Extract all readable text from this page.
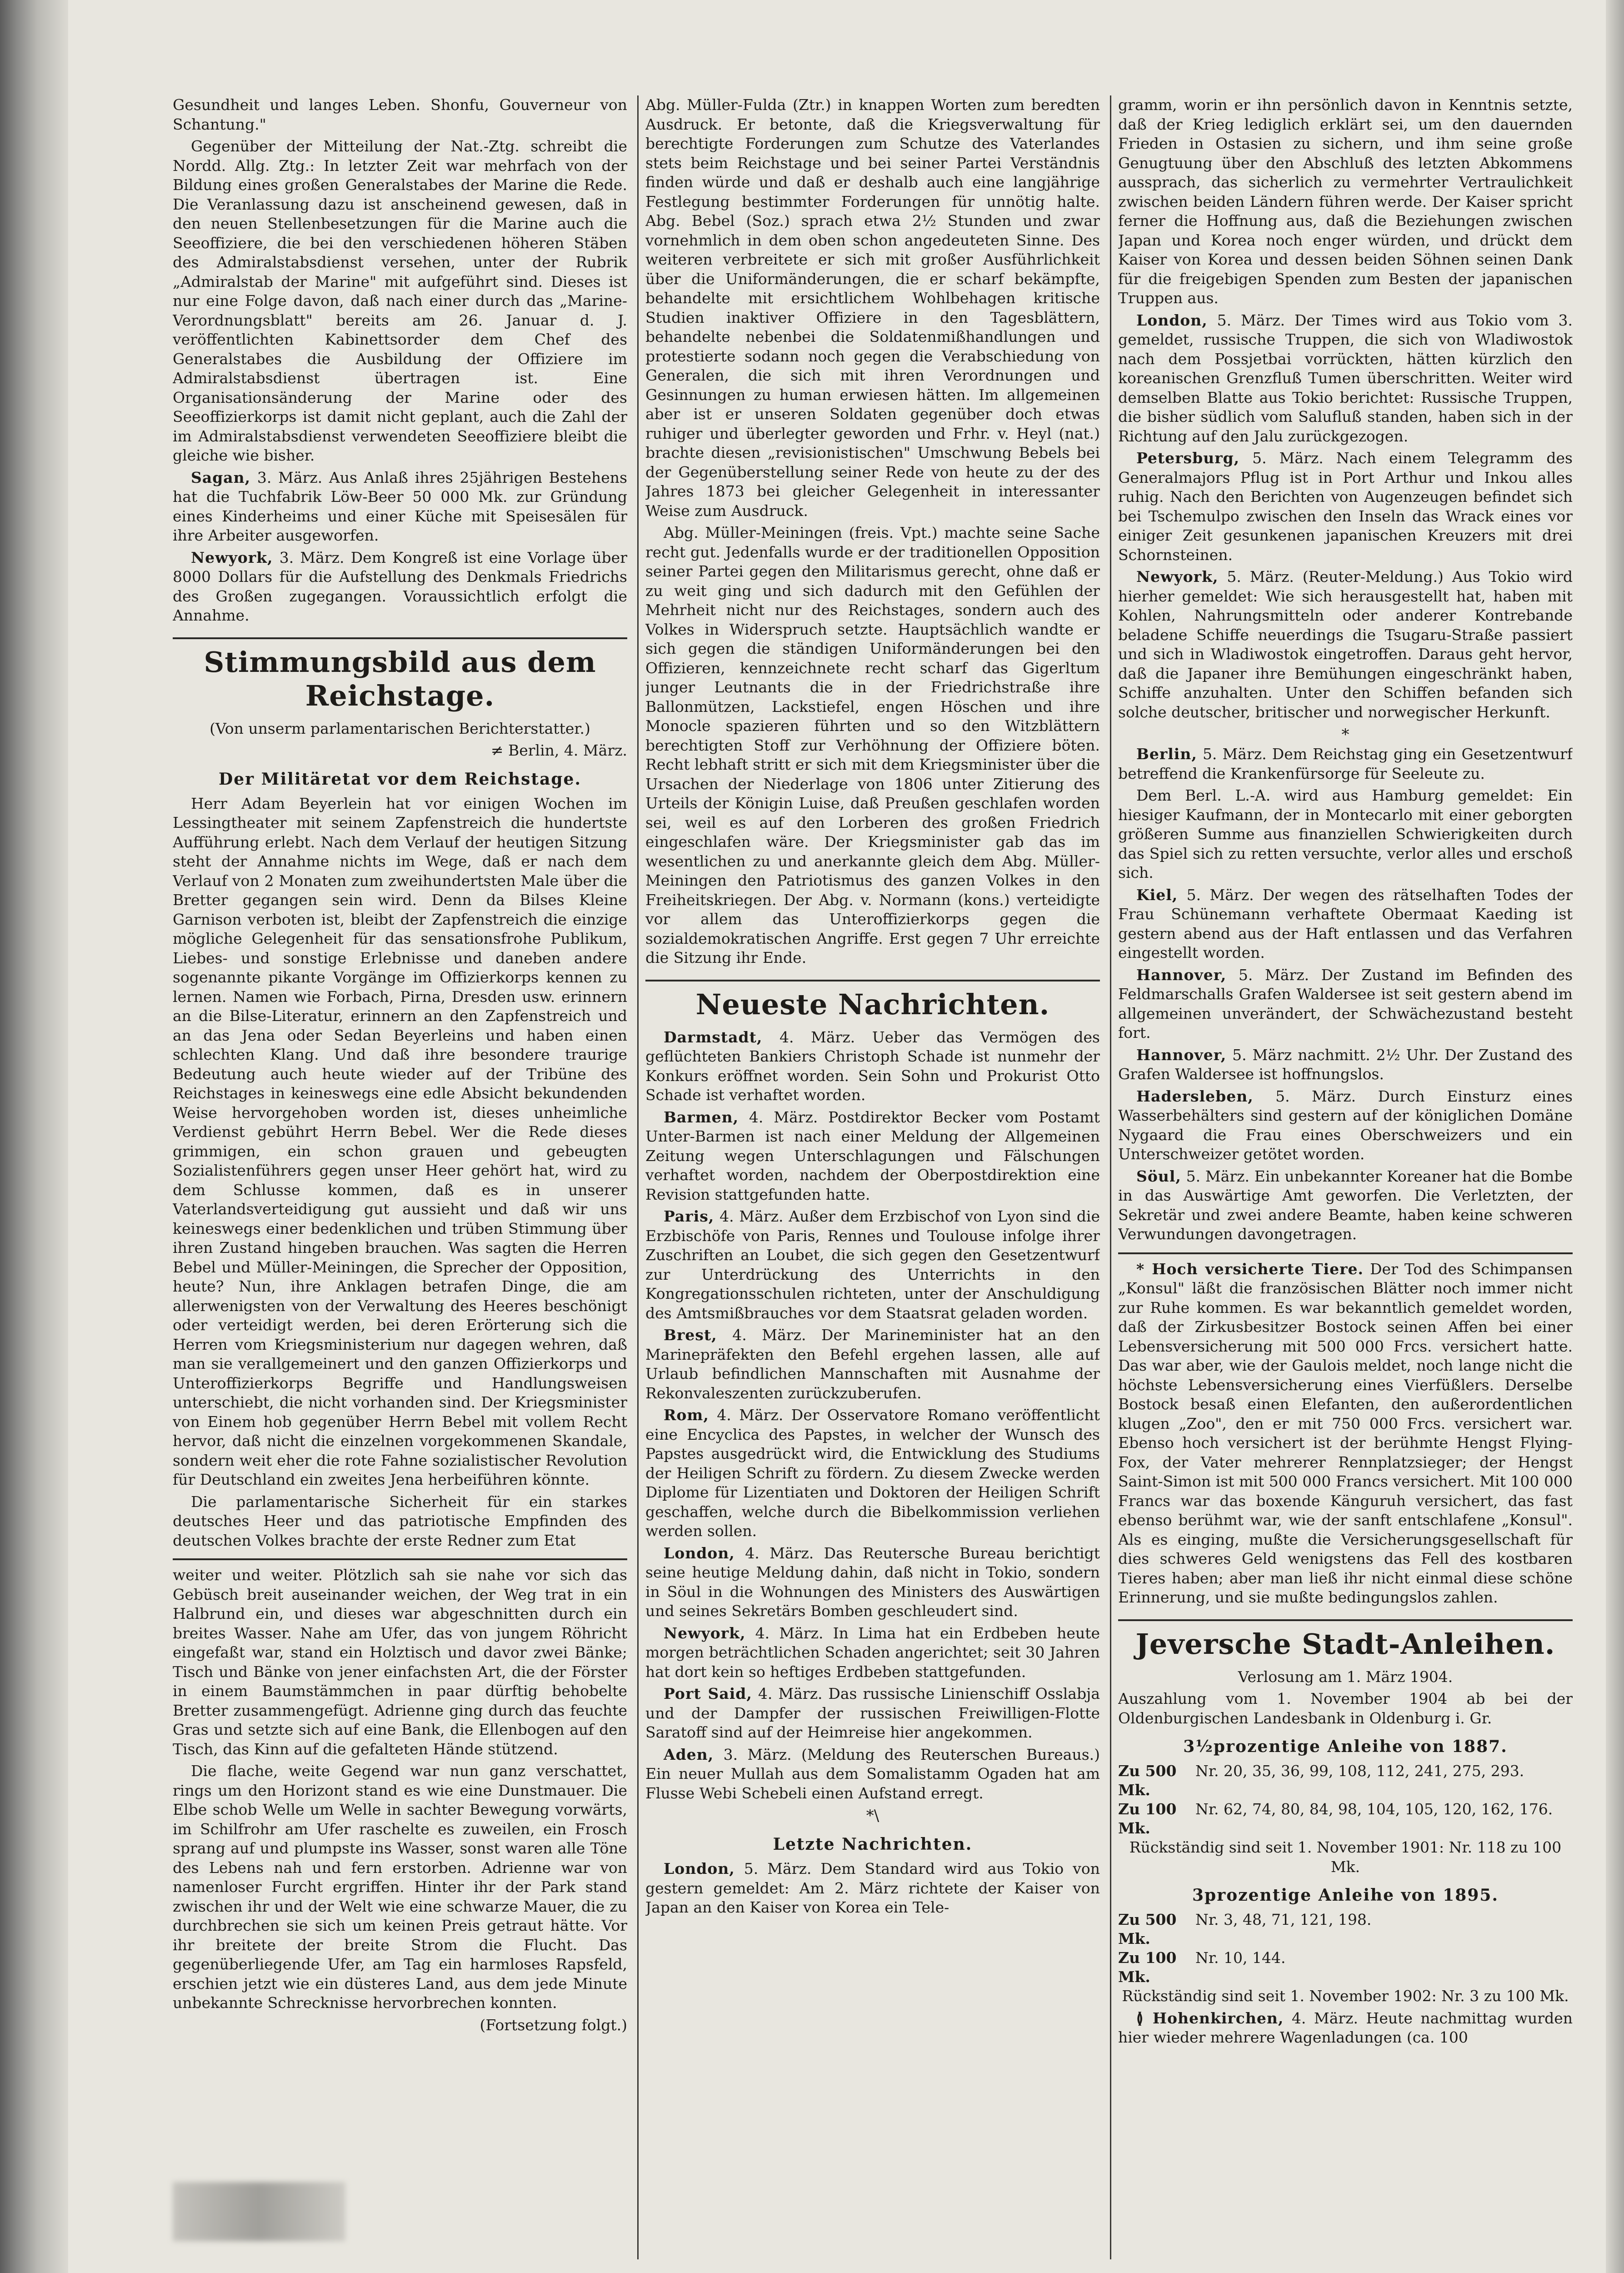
Gesundheit und langes Leben. Shonfu, Gouverneur von Schantung."

Gegenüber der Mitteilung der Nat.-Ztg. schreibt die Nordd. Allg. Ztg.: In letzter Zeit war mehrfach von der Bildung eines großen Generalstabes der Marine die Rede. Die Veranlassung dazu ist anscheinend gewesen, daß in den neuen Stellenbesetzungen für die Marine auch die Seeoffiziere, die bei den verschiedenen höheren Stäben des Admiralstabsdienst versehen, unter der Rubrik „Admiralstab der Marine" mit aufgeführt sind. Dieses ist nur eine Folge davon, daß nach einer durch das „Marine-Verordnungsblatt" bereits am 26. Januar d. J. veröffentlichten Kabinettsorder dem Chef des Generalstabes die Ausbildung der Offiziere im Admiralstabsdienst übertragen ist. Eine Organisationsänderung der Marine oder des Seeoffizierkorps ist damit nicht geplant, auch die Zahl der im Admiralstabsdienst verwendeten Seeoffiziere bleibt die gleiche wie bisher.

Sagan, 3. März. Aus Anlaß ihres 25jährigen Bestehens hat die Tuchfabrik Löw-Beer 50 000 Mk. zur Gründung eines Kinderheims und einer Küche mit Speisesälen für ihre Arbeiter ausgeworfen.

Newyork, 3. März. Dem Kongreß ist eine Vorlage über 8000 Dollars für die Aufstellung des Denkmals Friedrichs des Großen zugegangen. Voraussichtlich erfolgt die Annahme.

Stimmungsbild aus dem Reichstage.

(Von unserm parlamentarischen Berichterstatter.)

≠ Berlin, 4. März.

Der Militäretat vor dem Reichstage.

Herr Adam Beyerlein hat vor einigen Wochen im Lessingtheater mit seinem Zapfenstreich die hundertste Aufführung erlebt. Nach dem Verlauf der heutigen Sitzung steht der Annahme nichts im Wege, daß er nach dem Verlauf von 2 Monaten zum zweihundertsten Male über die Bretter gegangen sein wird. Denn da Bilses Kleine Garnison verboten ist, bleibt der Zapfenstreich die einzige mögliche Gelegenheit für das sensationsfrohe Publikum, Liebes- und sonstige Erlebnisse und daneben andere sogenannte pikante Vorgänge im Offizierkorps kennen zu lernen. Namen wie Forbach, Pirna, Dresden usw. erinnern an die Bilse-Literatur, erinnern an den Zapfenstreich und an das Jena oder Sedan Beyerleins und haben einen schlechten Klang. Und daß ihre besondere traurige Bedeutung auch heute wieder auf der Tribüne des Reichstages in keineswegs eine edle Absicht bekundenden Weise hervorgehoben worden ist, dieses unheimliche Verdienst gebührt Herrn Bebel. Wer die Rede dieses grimmigen, ein schon grauen und gebeugten Sozialistenführers gegen unser Heer gehört hat, wird zu dem Schlusse kommen, daß es in unserer Vaterlandsverteidigung gut aussieht und daß wir uns keineswegs einer bedenklichen und trüben Stimmung über ihren Zustand hingeben brauchen. Was sagten die Herren Bebel und Müller-Meiningen, die Sprecher der Opposition, heute? Nun, ihre Anklagen betrafen Dinge, die am allerwenigsten von der Verwaltung des Heeres beschönigt oder verteidigt werden, bei deren Erörterung sich die Herren vom Kriegsministerium nur dagegen wehren, daß man sie verallgemeinert und den ganzen Offizierkorps und Unteroffizierkorps Begriffe und Handlungsweisen unterschiebt, die nicht vorhanden sind. Der Kriegsminister von Einem hob gegenüber Herrn Bebel mit vollem Recht hervor, daß nicht die einzelnen vorgekommenen Skandale, sondern weit eher die rote Fahne sozialistischer Revolution für Deutschland ein zweites Jena herbeiführen könnte.

Die parlamentarische Sicherheit für ein starkes deutsches Heer und das patriotische Empfinden des deutschen Volkes brachte der erste Redner zum Etat

weiter und weiter. Plötzlich sah sie nahe vor sich das Gebüsch breit auseinander weichen, der Weg trat in ein Halbrund ein, und dieses war abgeschnitten durch ein breites Wasser. Nahe am Ufer, das von jungem Röhricht eingefaßt war, stand ein Holztisch und davor zwei Bänke; Tisch und Bänke von jener einfachsten Art, die der Förster in einem Baumstämmchen in paar dürftig behobelte Bretter zusammengefügt. Adrienne ging durch das feuchte Gras und setzte sich auf eine Bank, die Ellenbogen auf den Tisch, das Kinn auf die gefalteten Hände stützend.

Die flache, weite Gegend war nun ganz verschattet, rings um den Horizont stand es wie eine Dunstmauer. Die Elbe schob Welle um Welle in sachter Bewegung vorwärts, im Schilfrohr am Ufer raschelte es zuweilen, ein Frosch sprang auf und plumpste ins Wasser, sonst waren alle Töne des Lebens nah und fern erstorben. Adrienne war von namenloser Furcht ergriffen. Hinter ihr der Park stand zwischen ihr und der Welt wie eine schwarze Mauer, die zu durchbrechen sie sich um keinen Preis getraut hätte. Vor ihr breitete der breite Strom die Flucht. Das gegenüberliegende Ufer, am Tag ein harmloses Rapsfeld, erschien jetzt wie ein düsteres Land, aus dem jede Minute unbekannte Schrecknisse hervorbrechen konnten.

(Fortsetzung folgt.)

Abg. Müller-Fulda (Ztr.) in knappen Worten zum beredten Ausdruck. Er betonte, daß die Kriegsverwaltung für berechtigte Forderungen zum Schutze des Vaterlandes stets beim Reichstage und bei seiner Partei Verständnis finden würde und daß er deshalb auch eine langjährige Festlegung bestimmter Forderungen für unnötig halte. Abg. Bebel (Soz.) sprach etwa 2½ Stunden und zwar vornehmlich in dem oben schon angedeuteten Sinne. Des weiteren verbreitete er sich mit großer Ausführlichkeit über die Uniformänderungen, die er scharf bekämpfte, behandelte mit ersichtlichem Wohlbehagen kritische Studien inaktiver Offiziere in den Tagesblättern, behandelte nebenbei die Soldatenmißhandlungen und protestierte sodann noch gegen die Verabschiedung von Generalen, die sich mit ihren Verordnungen und Gesinnungen zu human erwiesen hätten. Im allgemeinen aber ist er unseren Soldaten gegenüber doch etwas ruhiger und überlegter geworden und Frhr. v. Heyl (nat.) brachte diesen „revisionistischen" Umschwung Bebels bei der Gegenüberstellung seiner Rede von heute zu der des Jahres 1873 bei gleicher Gelegenheit in interessanter Weise zum Ausdruck.

Abg. Müller-Meiningen (freis. Vpt.) machte seine Sache recht gut. Jedenfalls wurde er der traditionellen Opposition seiner Partei gegen den Militarismus gerecht, ohne daß er zu weit ging und sich dadurch mit den Gefühlen der Mehrheit nicht nur des Reichstages, sondern auch des Volkes in Widerspruch setzte. Hauptsächlich wandte er sich gegen die ständigen Uniformänderungen bei den Offizieren, kennzeichnete recht scharf das Gigerltum junger Leutnants die in der Friedrichstraße ihre Ballonmützen, Lackstiefel, engen Höschen und ihre Monocle spazieren führten und so den Witzblättern berechtigten Stoff zur Verhöhnung der Offiziere böten. Recht lebhaft stritt er sich mit dem Kriegsminister über die Ursachen der Niederlage von 1806 unter Zitierung des Urteils der Königin Luise, daß Preußen geschlafen worden sei, weil es auf den Lorberen des großen Friedrich eingeschlafen wäre. Der Kriegsminister gab das im wesentlichen zu und anerkannte gleich dem Abg. Müller-Meiningen den Patriotismus des ganzen Volkes in den Freiheitskriegen. Der Abg. v. Normann (kons.) verteidigte vor allem das Unteroffizierkorps gegen die sozialdemokratischen Angriffe. Erst gegen 7 Uhr erreichte die Sitzung ihr Ende.

Neueste Nachrichten.

Darmstadt, 4. März. Ueber das Vermögen des geflüchteten Bankiers Christoph Schade ist nunmehr der Konkurs eröffnet worden. Sein Sohn und Prokurist Otto Schade ist verhaftet worden.

Barmen, 4. März. Postdirektor Becker vom Postamt Unter-Barmen ist nach einer Meldung der Allgemeinen Zeitung wegen Unterschlagungen und Fälschungen verhaftet worden, nachdem der Oberpostdirektion eine Revision stattgefunden hatte.

Paris, 4. März. Außer dem Erzbischof von Lyon sind die Erzbischöfe von Paris, Rennes und Toulouse infolge ihrer Zuschriften an Loubet, die sich gegen den Gesetzentwurf zur Unterdrückung des Unterrichts in den Kongregationsschulen richteten, unter der Anschuldigung des Amtsmißbrauches vor dem Staatsrat geladen worden.

Brest, 4. März. Der Marineminister hat an den Marinepräfekten den Befehl ergehen lassen, alle auf Urlaub befindlichen Mannschaften mit Ausnahme der Rekonvaleszenten zurückzuberufen.

Rom, 4. März. Der Osservatore Romano veröffentlicht eine Encyclica des Papstes, in welcher der Wunsch des Papstes ausgedrückt wird, die Entwicklung des Studiums der Heiligen Schrift zu fördern. Zu diesem Zwecke werden Diplome für Lizentiaten und Doktoren der Heiligen Schrift geschaffen, welche durch die Bibelkommission verliehen werden sollen.

London, 4. März. Das Reutersche Bureau berichtigt seine heutige Meldung dahin, daß nicht in Tokio, sondern in Söul in die Wohnungen des Ministers des Auswärtigen und seines Sekretärs Bomben geschleudert sind.

Newyork, 4. März. In Lima hat ein Erdbeben heute morgen beträchtlichen Schaden angerichtet; seit 30 Jahren hat dort kein so heftiges Erdbeben stattgefunden.

Port Said, 4. März. Das russische Linienschiff Osslabja und der Dampfer der russischen Freiwilligen-Flotte Saratoff sind auf der Heimreise hier angekommen.

Aden, 3. März. (Meldung des Reuterschen Bureaus.) Ein neuer Mullah aus dem Somalistamm Ogaden hat am Flusse Webi Schebeli einen Aufstand erregt.

*\
Letzte Nachrichten.

London, 5. März. Dem Standard wird aus Tokio von gestern gemeldet: Am 2. März richtete der Kaiser von Japan an den Kaiser von Korea ein Tele-

gramm, worin er ihn persönlich davon in Kenntnis setzte, daß der Krieg lediglich erklärt sei, um den dauernden Frieden in Ostasien zu sichern, und ihm seine große Genugtuung über den Abschluß des letzten Abkommens aussprach, das sicherlich zu vermehrter Vertraulichkeit zwischen beiden Ländern führen werde. Der Kaiser spricht ferner die Hoffnung aus, daß die Beziehungen zwischen Japan und Korea noch enger würden, und drückt dem Kaiser von Korea und dessen beiden Söhnen seinen Dank für die freigebigen Spenden zum Besten der japanischen Truppen aus.

London, 5. März. Der Times wird aus Tokio vom 3. gemeldet, russische Truppen, die sich von Wladiwostok nach dem Possjetbai vorrückten, hätten kürzlich den koreanischen Grenzfluß Tumen überschritten. Weiter wird demselben Blatte aus Tokio berichtet: Russische Truppen, die bisher südlich vom Salufluß standen, haben sich in der Richtung auf den Jalu zurückgezogen.

Petersburg, 5. März. Nach einem Telegramm des Generalmajors Pflug ist in Port Arthur und Inkou alles ruhig. Nach den Berichten von Augenzeugen befindet sich bei Tschemulpo zwischen den Inseln das Wrack eines vor einiger Zeit gesunkenen japanischen Kreuzers mit drei Schornsteinen.

Newyork, 5. März. (Reuter-Meldung.) Aus Tokio wird hierher gemeldet: Wie sich herausgestellt hat, haben mit Kohlen, Nahrungsmitteln oder anderer Kontrebande beladene Schiffe neuerdings die Tsugaru-Straße passiert und sich in Wladiwostok eingetroffen. Daraus geht hervor, daß die Japaner ihre Bemühungen eingeschränkt haben, Schiffe anzuhalten. Unter den Schiffen befanden sich solche deutscher, britischer und norwegischer Herkunft.

*

Berlin, 5. März. Dem Reichstag ging ein Gesetzentwurf betreffend die Krankenfürsorge für Seeleute zu.

Dem Berl. L.-A. wird aus Hamburg gemeldet: Ein hiesiger Kaufmann, der in Montecarlo mit einer geborgten größeren Summe aus finanziellen Schwierigkeiten durch das Spiel sich zu retten versuchte, verlor alles und erschoß sich.

Kiel, 5. März. Der wegen des rätselhaften Todes der Frau Schünemann verhaftete Obermaat Kaeding ist gestern abend aus der Haft entlassen und das Verfahren eingestellt worden.

Hannover, 5. März. Der Zustand im Befinden des Feldmarschalls Grafen Waldersee ist seit gestern abend im allgemeinen unverändert, der Schwächezustand besteht fort.

Hannover, 5. März nachmitt. 2½ Uhr. Der Zustand des Grafen Waldersee ist hoffnungslos.

Hadersleben, 5. März. Durch Einsturz eines Wasserbehälters sind gestern auf der königlichen Domäne Nygaard die Frau eines Oberschweizers und ein Unterschweizer getötet worden.

Söul, 5. März. Ein unbekannter Koreaner hat die Bombe in das Auswärtige Amt geworfen. Die Verletzten, der Sekretär und zwei andere Beamte, haben keine schweren Verwundungen davongetragen.

* Hoch versicherte Tiere. Der Tod des Schimpansen „Konsul" läßt die französischen Blätter noch immer nicht zur Ruhe kommen. Es war bekanntlich gemeldet worden, daß der Zirkusbesitzer Bostock seinen Affen bei einer Lebensversicherung mit 500 000 Frcs. versichert hatte. Das war aber, wie der Gaulois meldet, noch lange nicht die höchste Lebensversicherung eines Vierfüßlers. Derselbe Bostock besaß einen Elefanten, den außerordentlichen klugen „Zoo", den er mit 750 000 Frcs. versichert war. Ebenso hoch versichert ist der berühmte Hengst Flying-Fox, der Vater mehrerer Rennplatzsieger; der Hengst Saint-Simon ist mit 500 000 Francs versichert. Mit 100 000 Francs war das boxende Känguruh versichert, das fast ebenso berühmt war, wie der sanft entschlafene „Konsul". Als es einging, mußte die Versicherungsgesellschaft für dies schweres Geld wenigstens das Fell des kostbaren Tieres haben; aber man ließ ihr nicht einmal diese schöne Erinnerung, und sie mußte bedingungslos zahlen.

Jeversche Stadt-Anleihen.

Verlosung am 1. März 1904.

Auszahlung vom 1. November 1904 ab bei der Oldenburgischen Landesbank in Oldenburg i. Gr.

3½prozentige Anleihe von 1887.
Zu 500 Mk.
Nr. 20, 35, 36, 99, 108, 112, 241, 275, 293.
Zu 100 Mk.
Nr. 62, 74, 80, 84, 98, 104, 105, 120, 162, 176.

Rückständig sind seit 1. November 1901: Nr. 118 zu 100 Mk.

3prozentige Anleihe von 1895.
Zu 500 Mk.
Nr. 3, 48, 71, 121, 198.
Zu 100 Mk.
Nr. 10, 144.

Rückständig sind seit 1. November 1902: Nr. 3 zu 100 Mk.

≬ Hohenkirchen, 4. März. Heute nachmittag wurden hier wieder mehrere Wagenladungen (ca. 100
